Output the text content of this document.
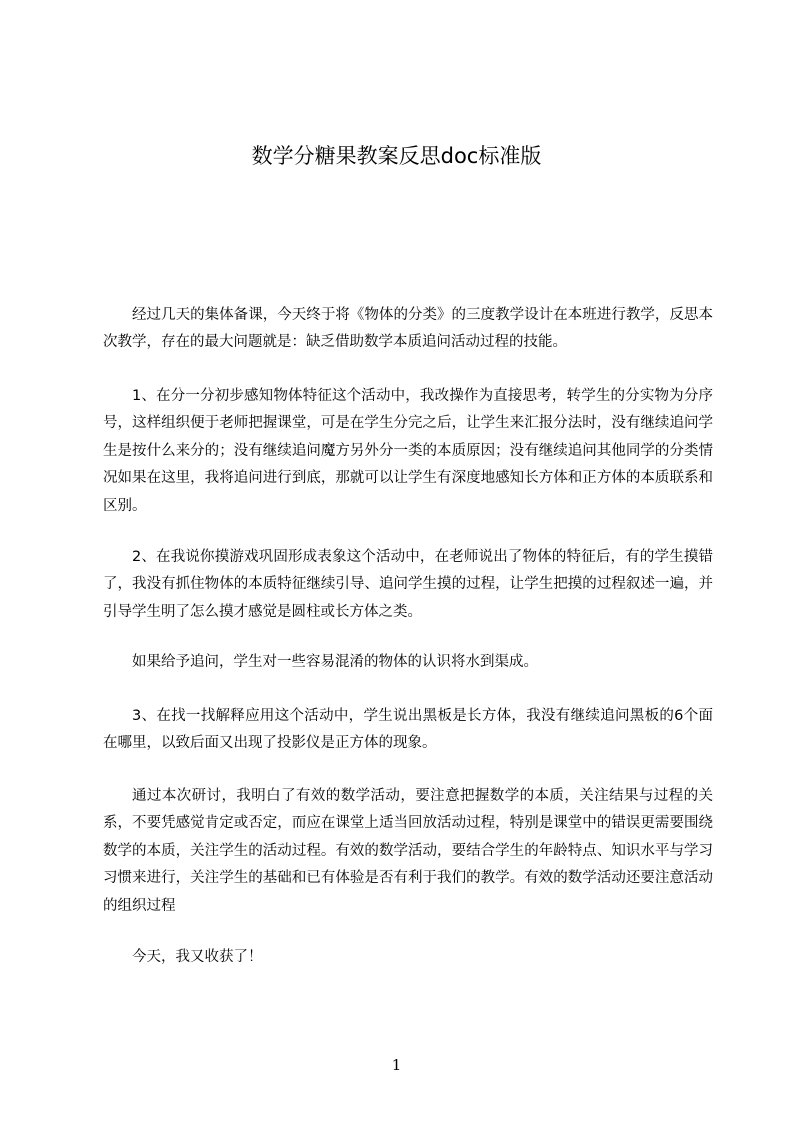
数学分糖果教案反思doc标准版

经过几天的集体备课，今天终于将《物体的分类》的三度教学设计在本班进行教学，反思本次教学，存在的最大问题就是：缺乏借助数学本质追问活动过程的技能。

1、在分一分初步感知物体特征这个活动中，我改操作为直接思考，转学生的分实物为分序号，这样组织便于老师把握课堂，可是在学生分完之后，让学生来汇报分法时，没有继续追问学生是按什么来分的；没有继续追问魔方另外分一类的本质原因；没有继续追问其他同学的分类情况如果在这里，我将追问进行到底，那就可以让学生有深度地感知长方体和正方体的本质联系和区别。

2、在我说你摸游戏巩固形成表象这个活动中，在老师说出了物体的特征后，有的学生摸错了，我没有抓住物体的本质特征继续引导、追问学生摸的过程，让学生把摸的过程叙述一遍，并引导学生明了怎么摸才感觉是圆柱或长方体之类。

如果给予追问，学生对一些容易混淆的物体的认识将水到渠成。

3、在找一找解释应用这个活动中，学生说出黑板是长方体，我没有继续追问黑板的6个面在哪里，以致后面又出现了投影仪是正方体的现象。

通过本次研讨，我明白了有效的数学活动，要注意把握数学的本质，关注结果与过程的关系，不要凭感觉肯定或否定，而应在课堂上适当回放活动过程，特别是课堂中的错误更需要围绕数学的本质，关注学生的活动过程。有效的数学活动，要结合学生的年龄特点、知识水平与学习习惯来进行，关注学生的基础和已有体验是否有利于我们的教学。有效的数学活动还要注意活动的组织过程

今天，我又收获了！

1
